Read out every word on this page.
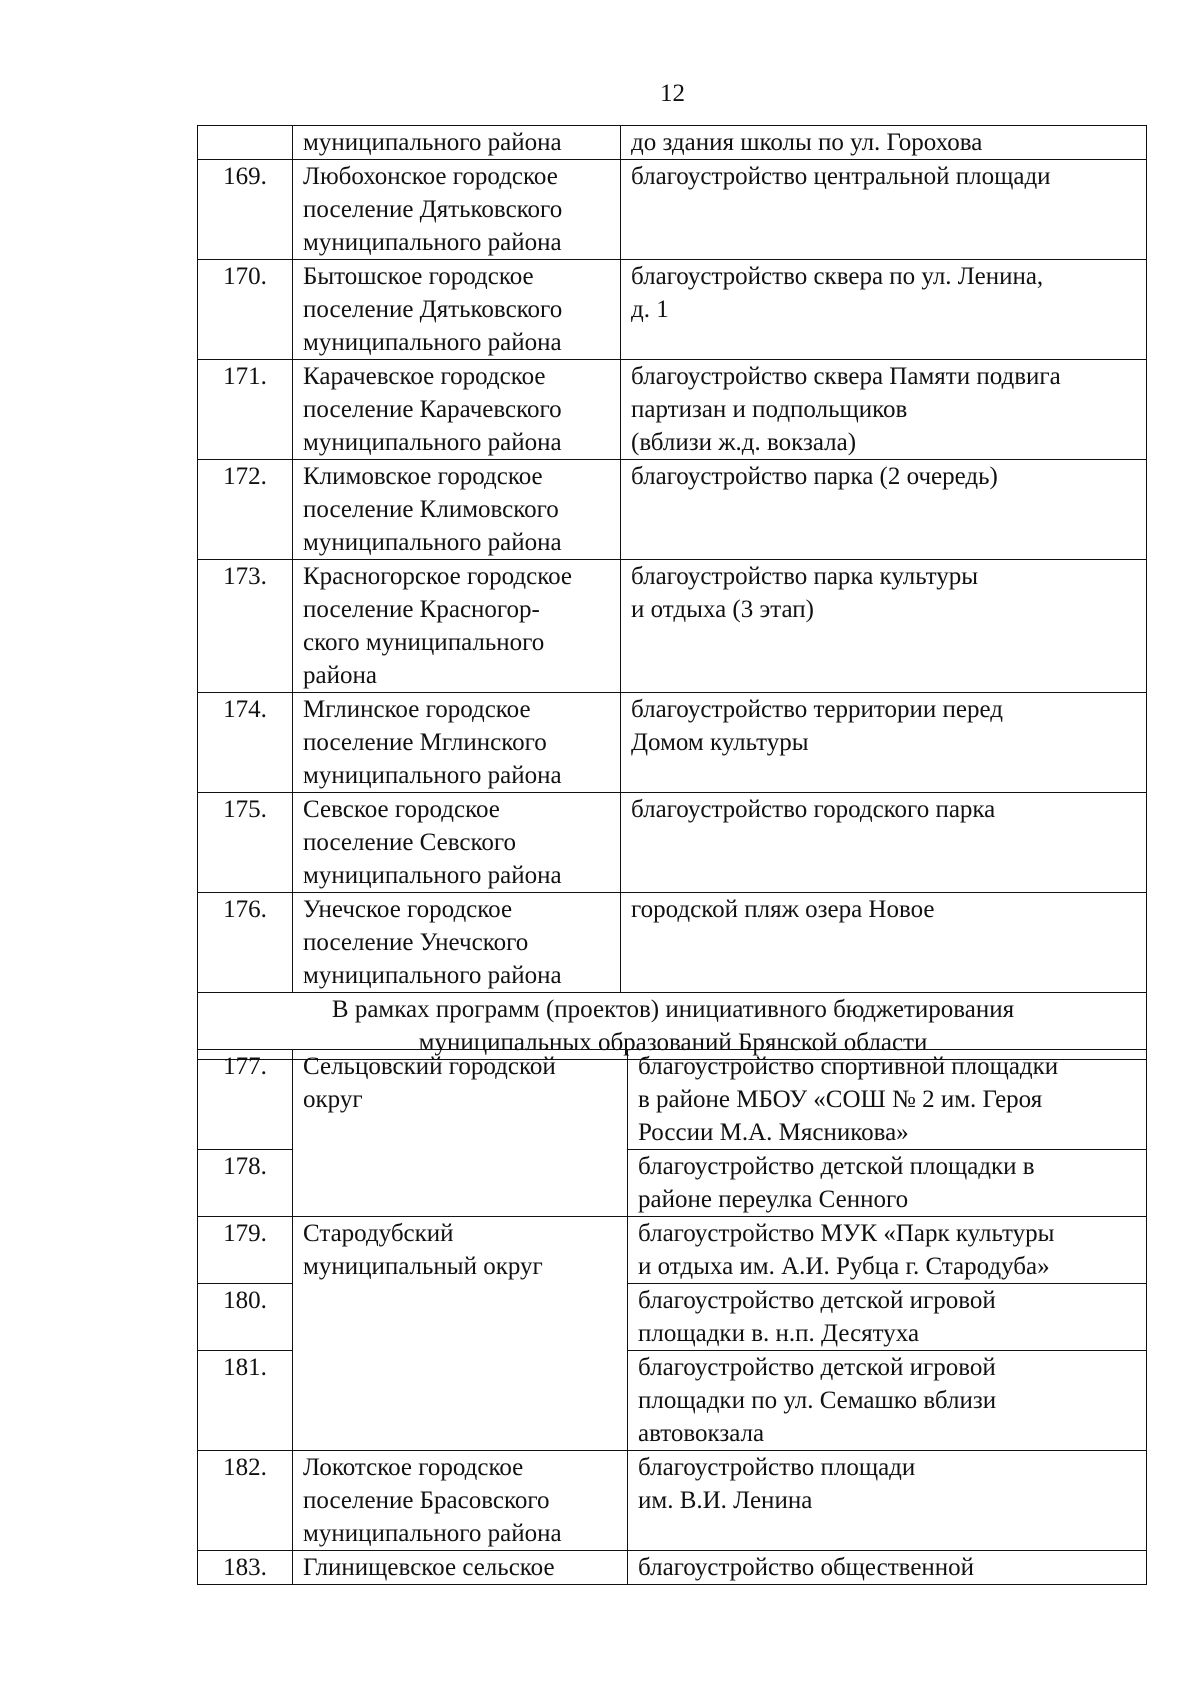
12

	муниципального района	до здания школы по ул. Горохова

169.	Любохонское городское
поселение Дятьковского
муниципального района	благоустройство центральной площади

170.	Бытошское городское
поселение Дятьковского
муниципального района	благоустройство сквера по ул. Ленина,
д. 1

171.	Карачевское городское
поселение Карачевского
муниципального района	благоустройство сквера Памяти подвига
партизан и подпольщиков
(вблизи ж.д. вокзала)

172.	Климовское городское
поселение Климовского
муниципального района	благоустройство парка (2 очередь)

173.	Красногорское городское
поселение Красногор-
ского муниципального
района	благоустройство парка культуры
и отдыха (3 этап)

174.	Мглинское городское
поселение Мглинского
муниципального района	благоустройство территории перед
Домом культуры

175.	Севское городское
поселение Севского
муниципального района	благоустройство городского парка

176.	Унечское городское
поселение Унечского
муниципального района	городской пляж озера Новое

В рамках программ (проектов) инициативного бюджетирования
муниципальных образований Брянской области		
177.	Сельцовский городской
округ	благоустройство спортивной площадки
в районе МБОУ «СОШ № 2 им. Героя
России М.А. Мясникова»

178.		благоустройство детской площадки в
районе переулка Сенного

179.	Стародубский
муниципальный округ	благоустройство МУК «Парк культуры
и отдыха им. А.И. Рубца г. Стародуба»

180.		благоустройство детской игровой
площадки в. н.п. Десятуха

181.		благоустройство детской игровой
площадки по ул. Семашко вблизи
автовокзала

182.	Локотское городское
поселение Брасовского
муниципального района	благоустройство площади
им. В.И. Ленина

183.	Глинищевское сельское	благоустройство общественной
